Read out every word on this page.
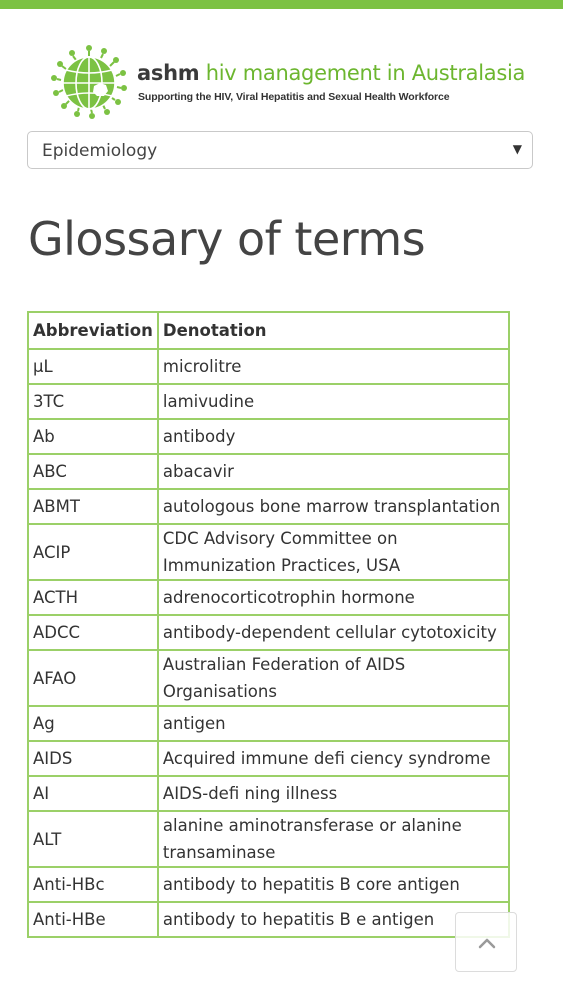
ashm hiv management in Australasia
Supporting the HIV, Viral Hepatitis and Sexual Health Workforce
Epidemiology	▼
Glossary of terms
Abbreviation	Denotation
µL	microlitre
3TC	lamivudine
Ab	antibody
ABC	abacavir
ABMT	autologous bone marrow transplantation
ACIP	CDC Advisory Committee on Immunization Practices, USA
ACTH	adrenocorticotrophin hormone
ADCC	antibody-dependent cellular cytotoxicity
AFAO	Australian Federation of AIDS Organisations
Ag	antigen
AIDS	Acquired immune defi ciency syndrome
AI	AIDS-defi ning illness
ALT	alanine aminotransferase or alanine transaminase
Anti-HBc	antibody to hepatitis B core antigen
Anti-HBe	antibody to hepatitis B e antigen
